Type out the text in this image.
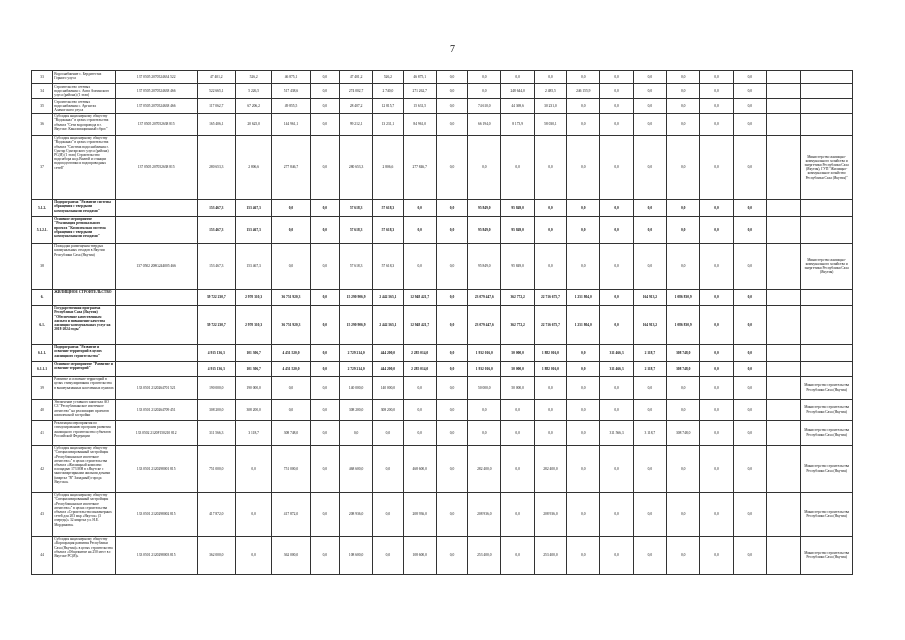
7
33	Водоснабжение с. Бердигестях Горного улуса	137 0505 2070524634 522	47 401,2	526,2	46 875,1	0,0	47 401,2	526,2	46 875,1	0,0	0,0	0,0	0,0	0,0	0,0	0,0	0,0	0,0	0,0		
34	Строительство сетевых водоснабжения с. Амга Амгинского улуса (района) (1 этап)	137 0505 2070524638 466	522 665,1	5 226,5	517 438,6	0,0	274 002,7	2 740,0	271 262,7	0,0	0,0	248 644,0	2 485,5	246 155,9	0,0	0,0	0,0	0,0	0,0		
35	Строительство сетевых водоснабжения с. Аргахтах Аламогского улуса	137 0505 2070524638 466	117 062,7	67 206,2	49 855,5	0,0	28 407,2	12 815,7	15 631,5	0,0	74 610,0	44 369,6	30 231,0	0,0	0,0	0,0	0,0	0,0	0,0		
36	Субсидия акционерному обществу "Водоканал" в целях строительства объекта "Сети водопровода в г. Якутске. Канализационный сброс"	137 0505 207052638 815	165 406,1	20 625,0	144 961,1	0,0	99 212,1	13 231,1	84 961,0	0,0	66 194,0	8 173,9	58 030,1	0,0	0,0	0,0	0,0	0,0	0,0		
37	Субсидия акционерному обществу "Водоканал" в целях строительства объекта "Система водоснабжения г. Сунтар Сунтарского улуса (района) РС(Я) (1 этап) Строительство водозабора на р.Вилюй и станции водоподготовки и водопроводных сетей"	137 0505 207052638 815	280 653,3	2 806,6	277 846,7	0,0	280 653,3	2 806,6	277 846,7	0,0	0,0	0,0	0,0	0,0	0,0	0,0	0,0	0,0	0,0		Министерство жилищно-коммунального хозяйства и энергетики Республики Саха (Якутия), ГУП "Жилищно-коммунальное хозяйство Республики Саха (Якутия)"
5.1.2.	Подпрограмма "Развитие системы обращения с твердыми коммунальными отходами"		153 467,3	153 467,3	0,0	0,0	57 618,3	57 618,3	0,0	0,0	95 849,0	95 849,0	0,0	0,0	0,0	0,0	0,0	0,0	0,0		
5.1.2.1.	Основное мероприятие "Реализация регионального проекта "Комплексная система обращения с твердыми коммунальными отходами"		153 467,3	153 467,3	0,0	0,0	57 618,3	57 618,3	0,0	0,0	95 849,0	95 849,0	0,0	0,0	0,0	0,0	0,0	0,0	0,0		
38	Площадки размещения твердых коммунальных отходов в Якутии Республики Саха (Якутия)	137 0502 208G244005 466	153 467,3	153 467,3	0,0	0,0	57 618,3	57 618,3	0,0	0,0	95 849,0	95 849,0	0,0	0,0	0,0	0,0	0,0	0,0	0,0		Министерство жилищно-коммунального хозяйства и энергетики Республики Саха (Якутия)
6.	ЖИЛИЩНОЕ СТРОИТЕЛЬСТВО		39 722 230,7	2 970 310,3	36 751 920,3	0,0	15 290 906,9	2 442 565,1	12 948 421,7	0,0	23 079 447,6	362 772,2	22 716 675,7	1 251 804,0	0,0	164 913,2	1 086 830,9	0,0	0,0		
6.1.	Государственная программа Республики Саха (Якутия) "Обеспечение качественным жильем и повышение качества жилищно-коммунальных услуг на 2018-2024 годы"		39 722 230,7	2 970 310,3	36 751 920,3	0,0	15 290 906,9	2 442 565,1	12 948 421,7	0,0	23 079 447,6	362 772,2	22 716 675,7	1 251 804,0	0,0	164 913,2	1 086 830,9	0,0	0,0		
6.1.1.	Подпрограмма "Развитие и освоение территорий в целях жилищного строительства"		4 915 136,3	101 306,7	4 451 520,0	0,0	2 729 214,0	444 200,0	2 285 014,0	0,0	1 932 016,0	50 000,0	1 882 016,0	0,0	311 466,3	2 118,7	308 748,0	0,0	0,0		
6.1.1.1	Основное мероприятие "Развитие и освоение территорий"		4 915 136,3	101 306,7	4 451 520,0	0,0	2 729 214,0	444 200,0	2 285 014,0	0,0	1 932 016,0	50 000,0	1 882 016,0	0,0	311 466,3	2 118,7	308 748,0	0,0	0,0		
39	Развитие и освоение территорий в целях стимулирования строительства в вышеуказанных населенных пунктах	133 0501 2120264701 521	190 000,0	190 000,0	0,0	0,0	140 000,0	140 000,0	0,0	0,0	50 000,0	50 000,0	0,0	0,0	0,0	0,0	0,0	0,0	0,0		Министерство строительства Республики Саха (Якутия)
40	Увеличение уставного капитала АО СЗ "Республиканское ипотечное агентство" на реализацию проектов комплексной застройки	133 0501 2120264709 451	308 200,0	308 200,0	0,0	0,0	308 200,0	308 200,0	0,0	0,0	0,0	0,0	0,0	0,0	0,0	0,0	0,0	0,0	0,0		Министерство строительства Республики Саха (Якутия)
41	Реализация мероприятия по стимулированию программ развития жилищного строительства субъектов Российской Федерации	133 0502 2120F150210 812	311 566,3	3 118,7	308 748,0	0,0	0,0	0,0	0,0	0,0	0,0	0,0	0,0	0,0	311 566,3	3 118,7	308 748,0	0,0	0,0		Министерство строительства Республики Саха (Якутия)
42	Субсидия акционерному обществу "Специализированный застройщик «Республиканское ипотечное агентство»" в целях строительства объекта «Жилищный комплекс площадью 173 МН в г.Якутске с многоквартирными жилыми домами (квартал "В" Западный) города Якутска»	133 0501 2120298001 815	751 000,0	0,0	751 000,0	0,0	468 600,0	0,0	468 600,0	0,0	282 400,0	0,0	282 400,0	0,0	0,0	0,0	0,0	0,0	0,0		Министерство строительства Республики Саха (Якутия)
43	Субсидия акционерному обществу "Специализированный застройщик «Республиканское ипотечное агентство»" в целях строительства объекта «Строительство инженерных сетей для 203 мкр «Якутск» (3 очередь)» 32 квартал ул. Н.Е. Мординова»	133 0501 2120298002 815	417 872,0	0,0	417 872,0	0,0	208 936,0	0,0	208 936,0	0,0	208 936,0	0,0	208 936,0	0,0	0,0	0,0	0,0	0,0	0,0		Министерство строительства Республики Саха (Якутия)
44	Субсидия акционерному обществу «Корпорация развития Республики Саха (Якутия)» в целях строительства объекта «Общежитие на 250 мест в г. Якутске РС(Я)»	133 0501 2120298003 815	362 000,0	0,0	362 000,0	0,0	108 600,0	0,0	108 600,0	0,0	253 400,0	0,0	253 400,0	0,0	0,0	0,0	0,0	0,0	0,0		Министерство строительства Республики Саха (Якутия)
